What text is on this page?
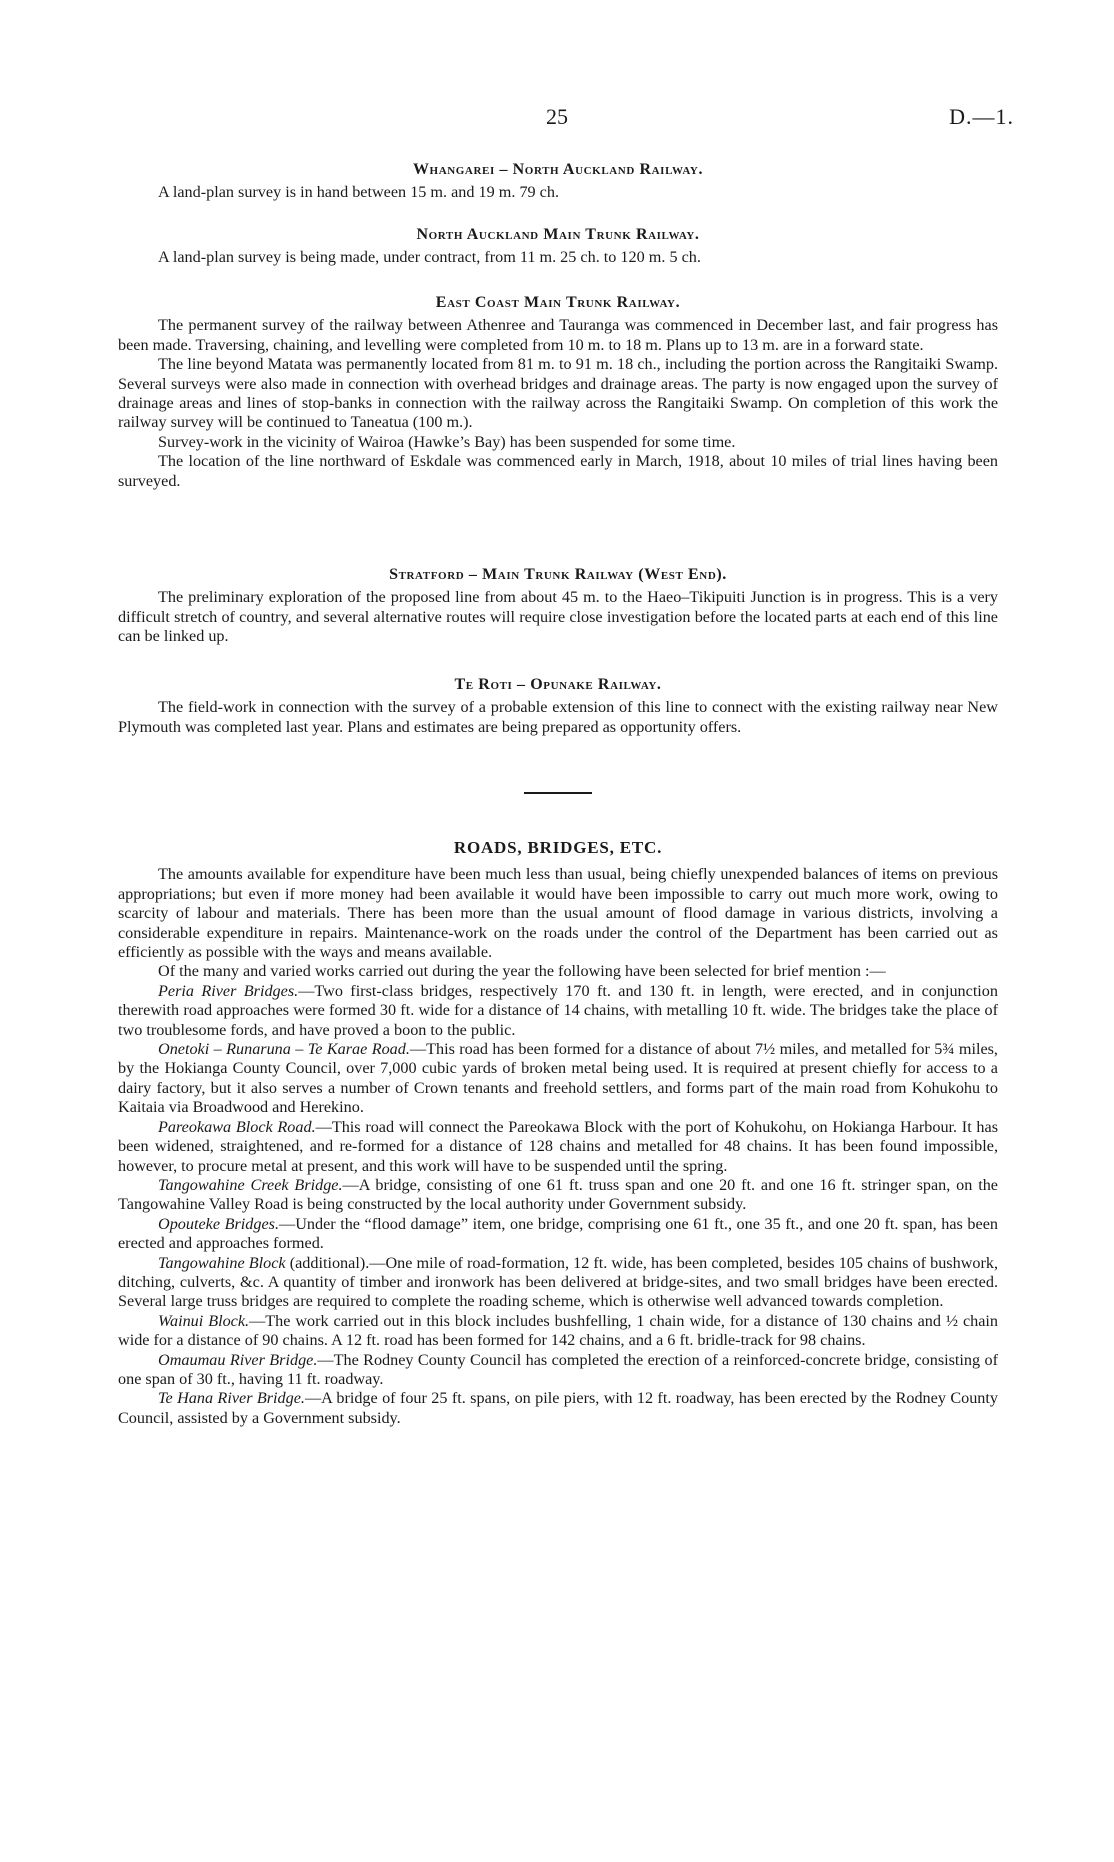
25	D.—1.
Whangarei – North Auckland Railway.

A land-plan survey is in hand between 15 m. and 19 m. 79 ch.

North Auckland Main Trunk Railway.

A land-plan survey is being made, under contract, from 11 m. 25 ch. to 120 m. 5 ch.

East Coast Main Trunk Railway.

The permanent survey of the railway between Athenree and Tauranga was commenced in December last, and fair progress has been made. Traversing, chaining, and levelling were completed from 10 m. to 18 m. Plans up to 13 m. are in a forward state.

The line beyond Matata was permanently located from 81 m. to 91 m. 18 ch., including the portion across the Rangitaiki Swamp. Several surveys were also made in connection with overhead bridges and drainage areas. The party is now engaged upon the survey of drainage areas and lines of stop-banks in connection with the railway across the Rangitaiki Swamp. On completion of this work the railway survey will be continued to Taneatua (100 m.).

Survey-work in the vicinity of Wairoa (Hawke’s Bay) has been suspended for some time.

The location of the line northward of Eskdale was commenced early in March, 1918, about 10 miles of trial lines having been surveyed.

Stratford – Main Trunk Railway (West End).

The preliminary exploration of the proposed line from about 45 m. to the Haeo–Tikipuiti Junction is in progress. This is a very difficult stretch of country, and several alternative routes will require close investigation before the located parts at each end of this line can be linked up.

Te Roti – Opunake Railway.

The field-work in connection with the survey of a probable extension of this line to connect with the existing railway near New Plymouth was completed last year. Plans and estimates are being prepared as opportunity offers.

ROADS, BRIDGES, ETC.

The amounts available for expenditure have been much less than usual, being chiefly unexpended balances of items on previous appropriations; but even if more money had been available it would have been impossible to carry out much more work, owing to scarcity of labour and materials. There has been more than the usual amount of flood damage in various districts, involving a considerable expenditure in repairs. Maintenance-work on the roads under the control of the Department has been carried out as efficiently as possible with the ways and means available.

Of the many and varied works carried out during the year the following have been selected for brief mention :—

Peria River Bridges.—Two first-class bridges, respectively 170 ft. and 130 ft. in length, were erected, and in conjunction therewith road approaches were formed 30 ft. wide for a distance of 14 chains, with metalling 10 ft. wide. The bridges take the place of two troublesome fords, and have proved a boon to the public.

Onetoki – Runaruna – Te Karae Road.—This road has been formed for a distance of about 7½ miles, and metalled for 5¾ miles, by the Hokianga County Council, over 7,000 cubic yards of broken metal being used. It is required at present chiefly for access to a dairy factory, but it also serves a number of Crown tenants and freehold settlers, and forms part of the main road from Kohukohu to Kaitaia via Broadwood and Herekino.

Pareokawa Block Road.—This road will connect the Pareokawa Block with the port of Kohukohu, on Hokianga Harbour. It has been widened, straightened, and re-formed for a distance of 128 chains and metalled for 48 chains. It has been found impossible, however, to procure metal at present, and this work will have to be suspended until the spring.

Tangowahine Creek Bridge.—A bridge, consisting of one 61 ft. truss span and one 20 ft. and one 16 ft. stringer span, on the Tangowahine Valley Road is being constructed by the local authority under Government subsidy.

Opouteke Bridges.—Under the “flood damage” item, one bridge, comprising one 61 ft., one 35 ft., and one 20 ft. span, has been erected and approaches formed.

Tangowahine Block (additional).—One mile of road-formation, 12 ft. wide, has been completed, besides 105 chains of bushwork, ditching, culverts, &c. A quantity of timber and ironwork has been delivered at bridge-sites, and two small bridges have been erected. Several large truss bridges are required to complete the roading scheme, which is otherwise well advanced towards completion.

Wainui Block.—The work carried out in this block includes bushfelling, 1 chain wide, for a distance of 130 chains and ½ chain wide for a distance of 90 chains. A 12 ft. road has been formed for 142 chains, and a 6 ft. bridle-track for 98 chains.

Omaumau River Bridge.—The Rodney County Council has completed the erection of a reinforced-concrete bridge, consisting of one span of 30 ft., having 11 ft. roadway.

Te Hana River Bridge.—A bridge of four 25 ft. spans, on pile piers, with 12 ft. roadway, has been erected by the Rodney County Council, assisted by a Government subsidy.
